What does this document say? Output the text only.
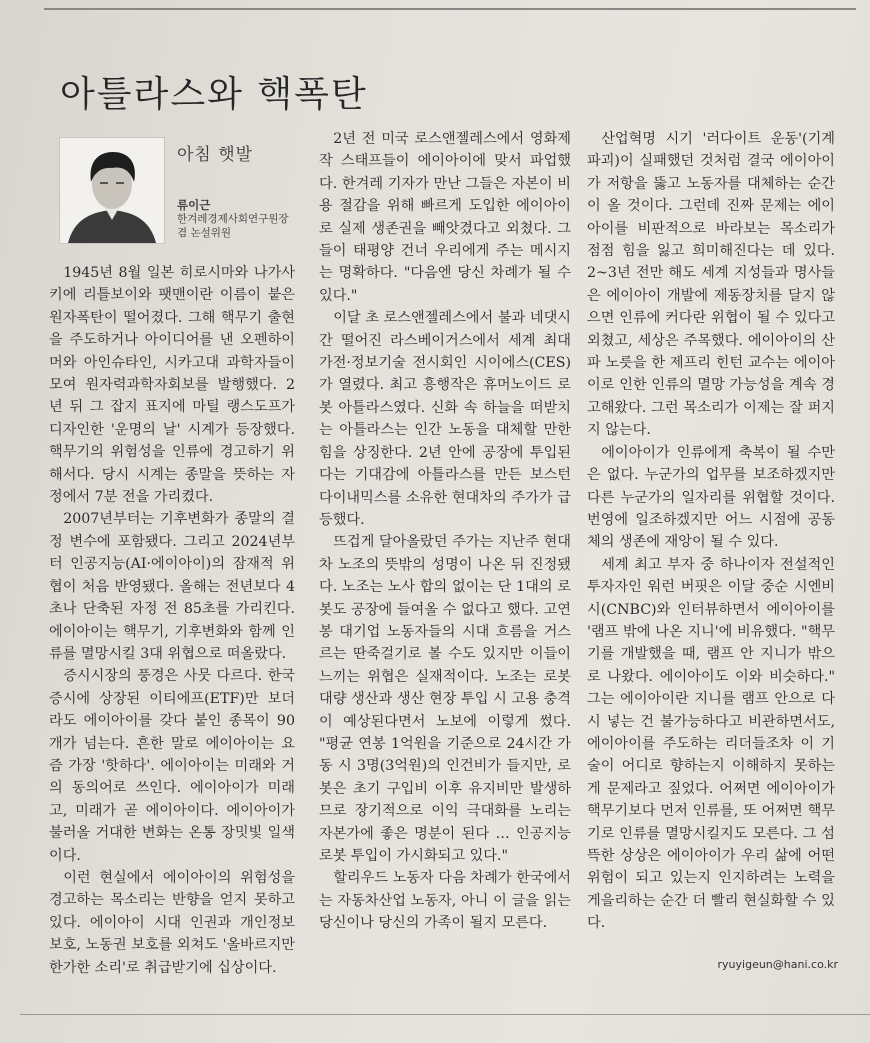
아틀라스와 핵폭탄
아침 햇발
류이근
한겨레경제사회연구원장
겸 논설위원

1945년 8월 일본 히로시마와 나가사키에 리틀보이와 팻맨이란 이름이 붙은 원자폭탄이 떨어졌다. 그해 핵무기 출현을 주도하거나 아이디어를 낸 오펜하이머와 아인슈타인, 시카고대 과학자들이 모여 원자력과학자회보를 발행했다. 2년 뒤 그 잡지 표지에 마틸 랭스도프가 디자인한 '운명의 날' 시계가 등장했다. 핵무기의 위험성을 인류에 경고하기 위해서다. 당시 시계는 종말을 뜻하는 자정에서 7분 전을 가리켰다.

2007년부터는 기후변화가 종말의 결정 변수에 포함됐다. 그리고 2024년부터 인공지능(AI·에이아이)의 잠재적 위협이 처음 반영됐다. 올해는 전년보다 4초나 단축된 자정 전 85초를 가리킨다. 에이아이는 핵무기, 기후변화와 함께 인류를 멸망시킬 3대 위협으로 떠올랐다.

증시시장의 풍경은 사뭇 다르다. 한국 증시에 상장된 이티에프(ETF)만 보더라도 에이아이를 갖다 붙인 종목이 90개가 넘는다. 흔한 말로 에이아이는 요즘 가장 '핫하다'. 에이아이는 미래와 거의 동의어로 쓰인다. 에이아이가 미래고, 미래가 곧 에이아이다. 에이아이가 불러올 거대한 변화는 온통 장밋빛 일색이다.

이런 현실에서 에이아이의 위험성을 경고하는 목소리는 반향을 얻지 못하고 있다. 에이아이 시대 인권과 개인정보 보호, 노동권 보호를 외쳐도 '올바르지만 한가한 소리'로 취급받기에 십상이다.

2년 전 미국 로스앤젤레스에서 영화제작 스태프들이 에이아이에 맞서 파업했다. 한겨레 기자가 만난 그들은 자본이 비용 절감을 위해 빠르게 도입한 에이아이로 실제 생존권을 빼앗겼다고 외쳤다. 그들이 태평양 건너 우리에게 주는 메시지는 명확하다. "다음엔 당신 차례가 될 수 있다."

이달 초 로스앤젤레스에서 불과 네댓시간 떨어진 라스베이거스에서 세계 최대 가전·정보기술 전시회인 시이에스(CES)가 열렸다. 최고 흥행작은 휴머노이드 로봇 아틀라스였다. 신화 속 하늘을 떠받치는 아틀라스는 인간 노동을 대체할 만한 힘을 상징한다. 2년 안에 공장에 투입된다는 기대감에 아틀라스를 만든 보스턴 다이내믹스를 소유한 현대차의 주가가 급등했다.

뜨겁게 달아올랐던 주가는 지난주 현대차 노조의 뜻밖의 성명이 나온 뒤 진정됐다. 노조는 노사 합의 없이는 단 1대의 로봇도 공장에 들여올 수 없다고 했다. 고연봉 대기업 노동자들의 시대 흐름을 거스르는 딴죽걸기로 볼 수도 있지만 이들이 느끼는 위협은 실재적이다. 노조는 로봇 대량 생산과 생산 현장 투입 시 고용 충격이 예상된다면서 노보에 이렇게 썼다. "평균 연봉 1억원을 기준으로 24시간 가동 시 3명(3억원)의 인건비가 들지만, 로봇은 초기 구입비 이후 유지비만 발생하므로 장기적으로 이익 극대화를 노리는 자본가에 좋은 명분이 된다 … 인공지능 로봇 투입이 가시화되고 있다."

할리우드 노동자 다음 차례가 한국에서는 자동차산업 노동자, 아니 이 글을 읽는 당신이나 당신의 가족이 될지 모른다.

산업혁명 시기 '러다이트 운동'(기계 파괴)이 실패했던 것처럼 결국 에이아이가 저항을 뚫고 노동자를 대체하는 순간이 올 것이다. 그런데 진짜 문제는 에이아이를 비판적으로 바라보는 목소리가 점점 힘을 잃고 희미해진다는 데 있다. 2~3년 전만 해도 세계 지성들과 명사들은 에이아이 개발에 제동장치를 달지 않으면 인류에 커다란 위협이 될 수 있다고 외쳤고, 세상은 주목했다. 에이아이의 산파 노릇을 한 제프리 힌턴 교수는 에이아이로 인한 인류의 멸망 가능성을 계속 경고해왔다. 그런 목소리가 이제는 잘 퍼지지 않는다.

에이아이가 인류에게 축복이 될 수만은 없다. 누군가의 업무를 보조하겠지만 다른 누군가의 일자리를 위협할 것이다. 번영에 일조하겠지만 어느 시점에 공동체의 생존에 재앙이 될 수 있다.

세계 최고 부자 중 하나이자 전설적인 투자자인 워런 버핏은 이달 중순 시엔비시(CNBC)와 인터뷰하면서 에이아이를 '램프 밖에 나온 지니'에 비유했다. "핵무기를 개발했을 때, 램프 안 지니가 밖으로 나왔다. 에이아이도 이와 비슷하다." 그는 에이아이란 지니를 램프 안으로 다시 넣는 건 불가능하다고 비관하면서도, 에이아이를 주도하는 리더들조차 이 기술이 어디로 향하는지 이해하지 못하는 게 문제라고 짚었다. 어쩌면 에이아이가 핵무기보다 먼저 인류를, 또 어쩌면 핵무기로 인류를 멸망시킬지도 모른다. 그 섬뜩한 상상은 에이아이가 우리 삶에 어떤 위험이 되고 있는지 인지하려는 노력을 게을리하는 순간 더 빨리 현실화할 수 있다.

ryuyigeun@hani.co.kr
